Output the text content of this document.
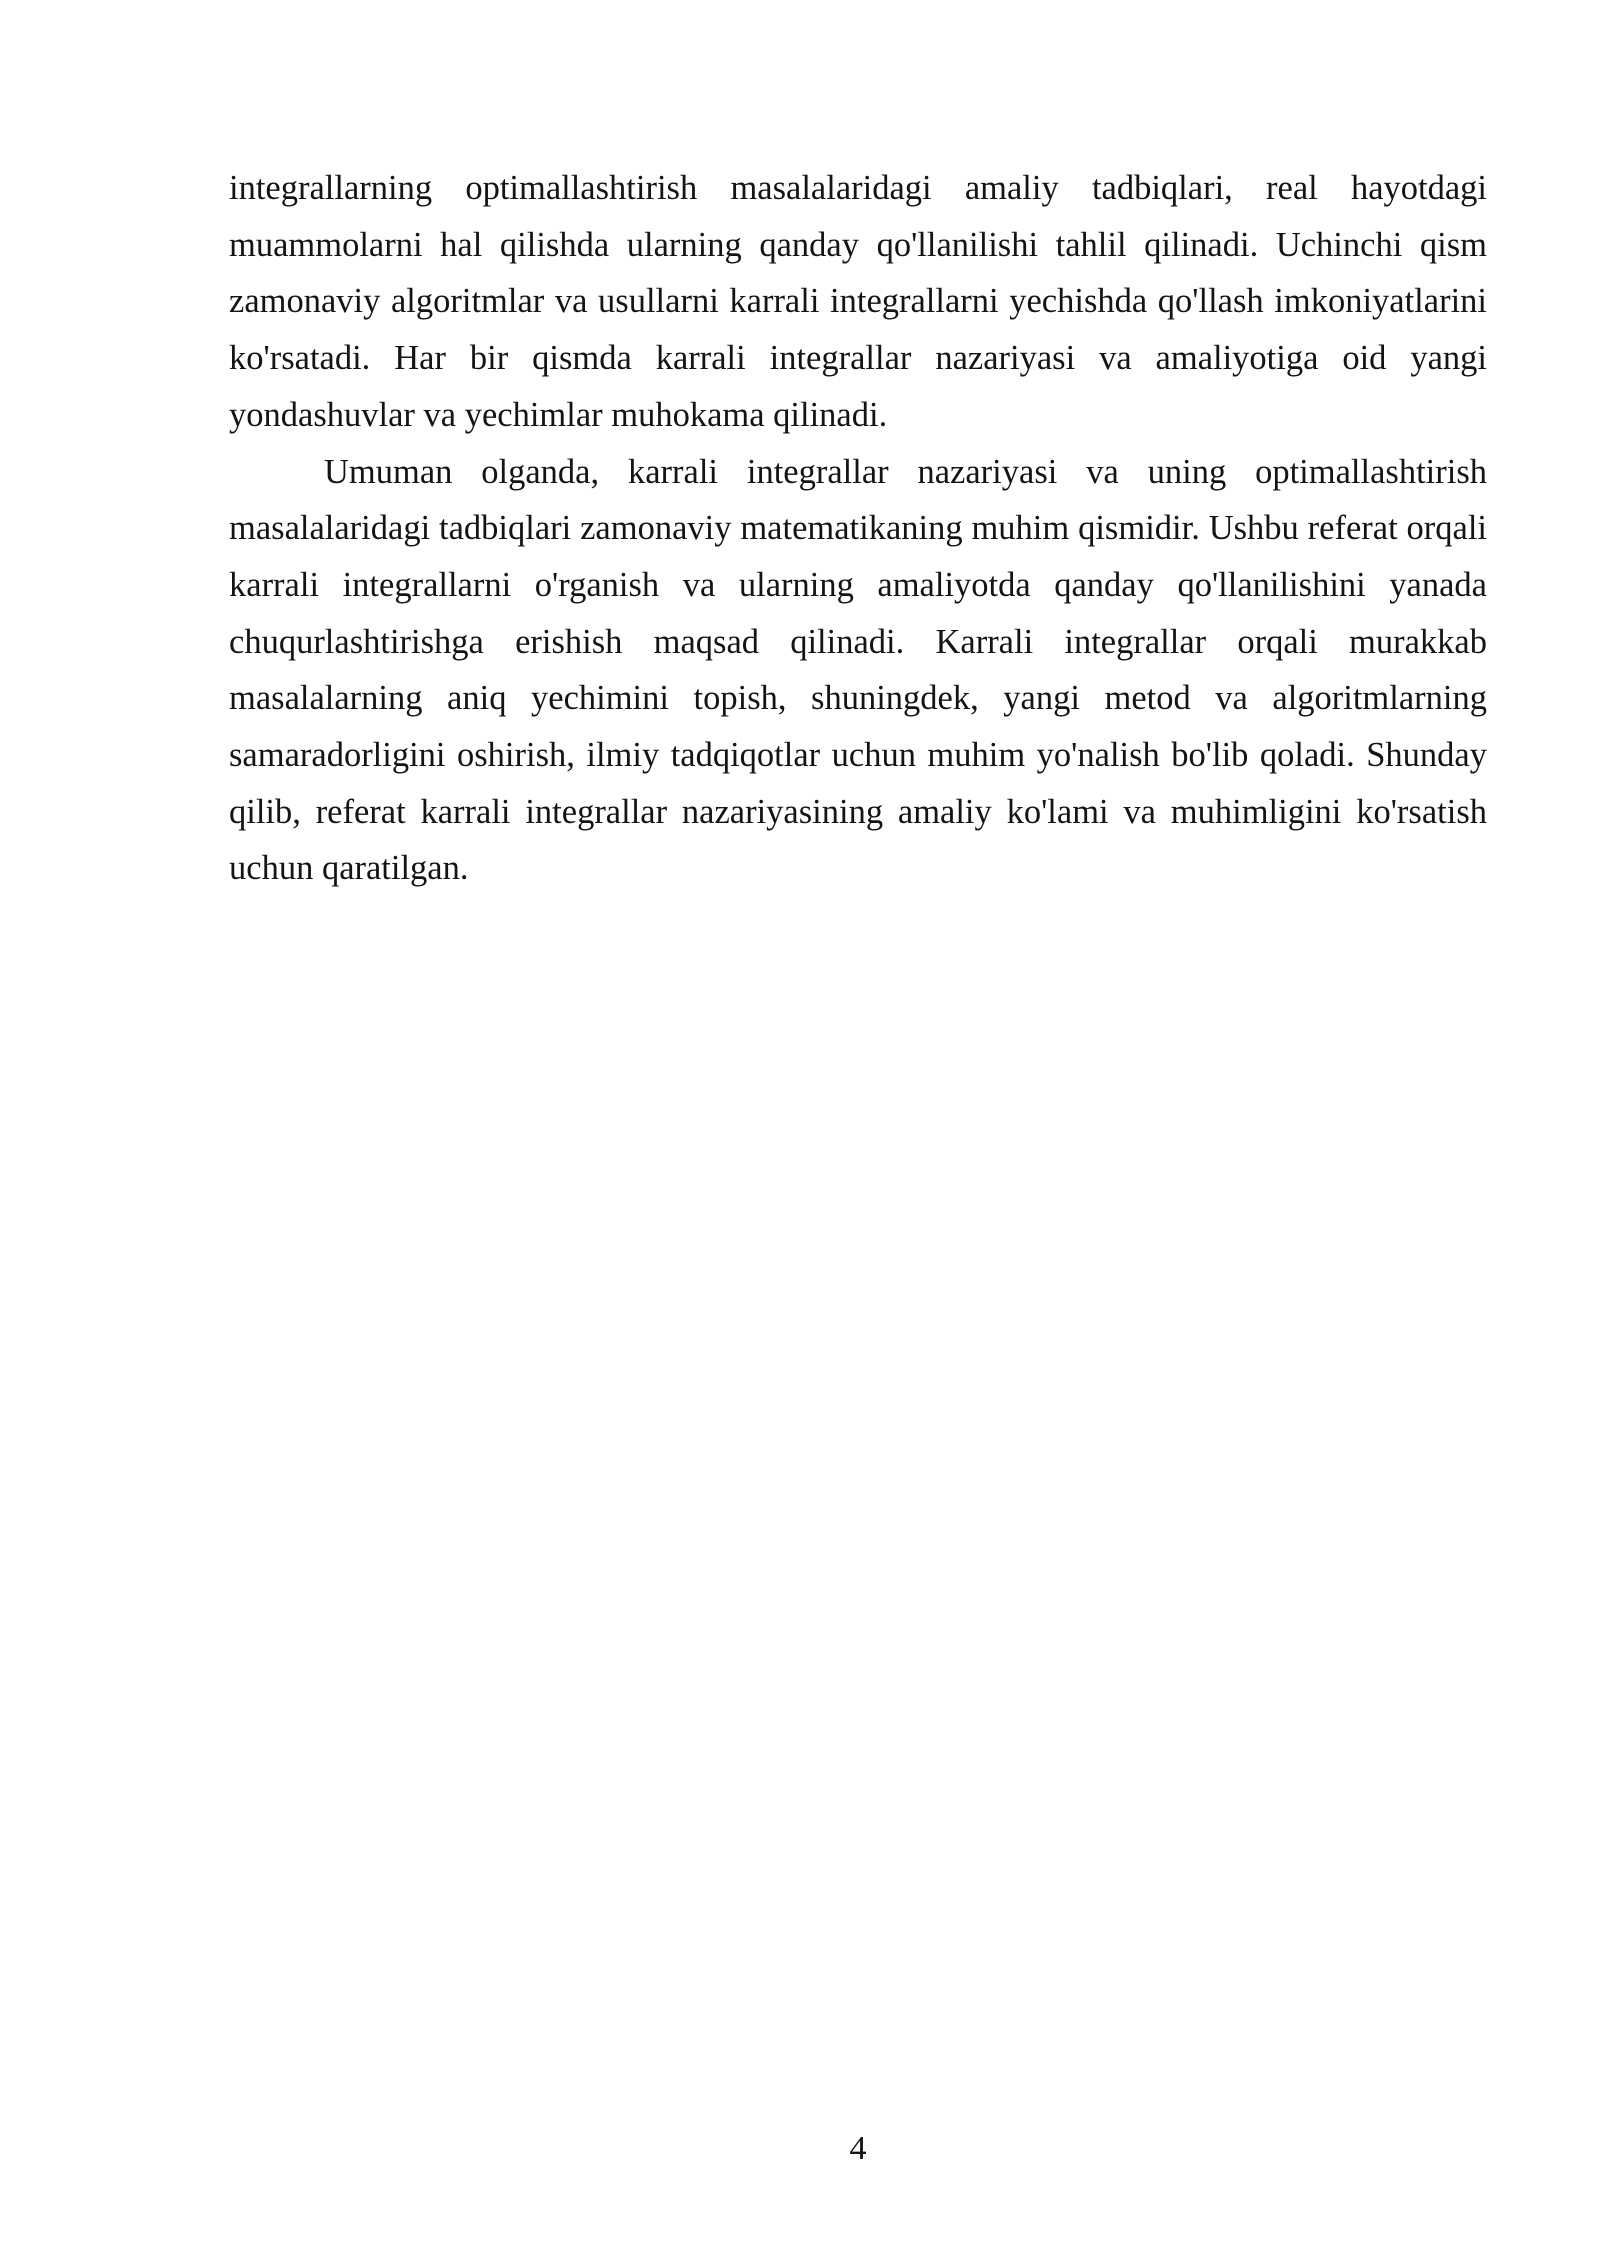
integrallarning optimallashtirish masalalaridagi amaliy tadbiqlari, real hayotdagi muammolarni hal qilishda ularning qanday qo'llanilishi tahlil qilinadi. Uchinchi qism zamonaviy algoritmlar va usullarni karrali integrallarni yechishda qo'llash imkoniyatlarini ko'rsatadi. Har bir qismda karrali integrallar nazariyasi va amaliyotiga oid yangi yondashuvlar va yechimlar muhokama qilinadi.

Umuman olganda, karrali integrallar nazariyasi va uning optimallashtirish masalalaridagi tadbiqlari zamonaviy matematikaning muhim qismidir. Ushbu referat orqali karrali integrallarni o'rganish va ularning amaliyotda qanday qo'llanilishini yanada chuqurlashtirishga erishish maqsad qilinadi. Karrali integrallar orqali murakkab masalalarning aniq yechimini topish, shuningdek, yangi metod va algoritmlarning samaradorligini oshirish, ilmiy tadqiqotlar uchun muhim yo'nalish bo'lib qoladi. Shunday qilib, referat karrali integrallar nazariyasining amaliy ko'lami va muhimligini ko'rsatish uchun qaratilgan.

4
